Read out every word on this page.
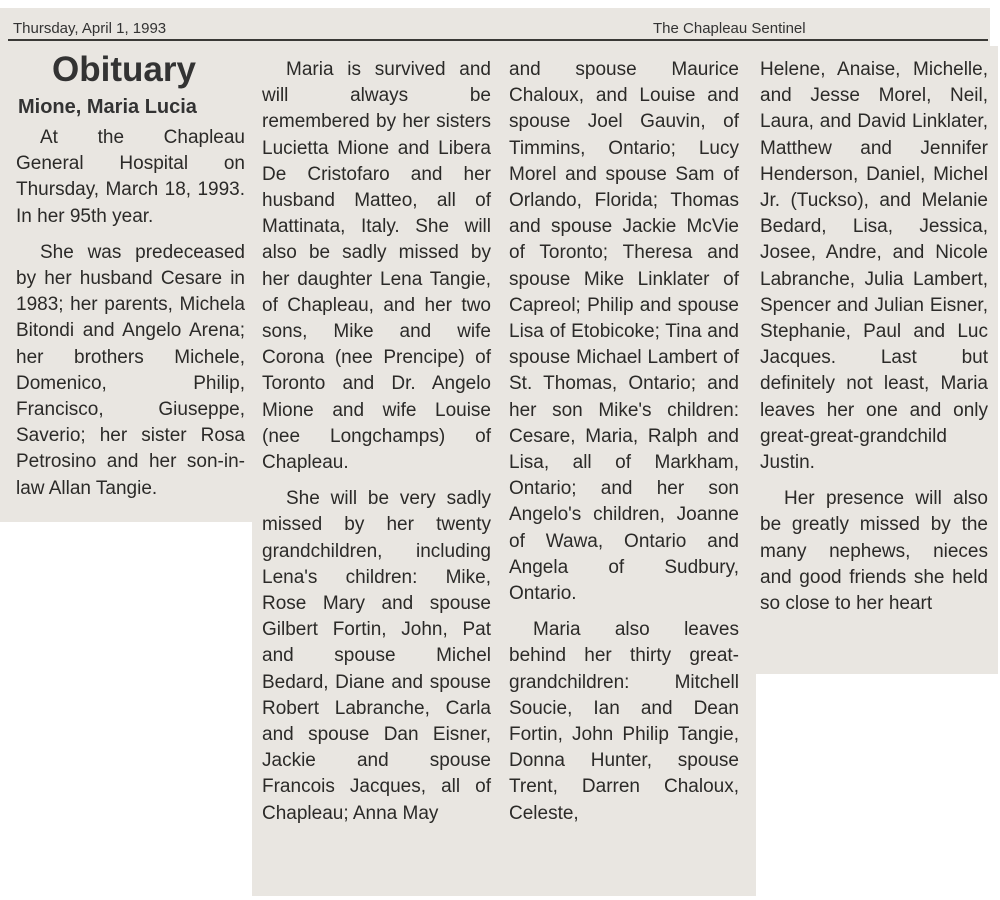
Thursday, April 1, 1993	The Chapleau Sentinel
Obituary
Mione, Maria Lucia

At the Chapleau General Hospital on Thursday, March 18, 1993. In her 95th year.

She was predeceased by her husband Cesare in 1983; her parents, Michela Bitondi and Angelo Arena; her brothers Michele, Domenico, Philip, Francisco, Giuseppe, Saverio; her sister Rosa Petrosino and her son-in-law Allan Tangie.

Maria is survived and will always be remembered by her sisters Lucietta Mione and Libera De Cristofaro and her husband Matteo, all of Mattinata, Italy. She will also be sadly missed by her daughter Lena Tangie, of Chapleau, and her two sons, Mike and wife Corona (nee Prencipe) of Toronto and Dr. Angelo Mione and wife Louise (nee Longchamps) of Chapleau.

She will be very sadly missed by her twenty grandchildren, including Lena's children: Mike, Rose Mary and spouse Gilbert Fortin, John, Pat and spouse Michel Bedard, Diane and spouse Robert Labranche, Carla and spouse Dan Eisner, Jackie and spouse Francois Jacques, all of Chapleau; Anna May

and spouse Maurice Chaloux, and Louise and spouse Joel Gauvin, of Timmins, Ontario; Lucy Morel and spouse Sam of Orlando, Florida; Thomas and spouse Jackie McVie of Toronto; Theresa and spouse Mike Linklater of Capreol; Philip and spouse Lisa of Etobicoke; Tina and spouse Michael Lambert of St. Thomas, Ontario; and her son Mike's children: Cesare, Maria, Ralph and Lisa, all of Markham, Ontario; and her son Angelo's children, Joanne of Wawa, Ontario and Angela of Sudbury, Ontario.

Maria also leaves behind her thirty great-grandchildren: Mitchell Soucie, Ian and Dean Fortin, John Philip Tangie, Donna Hunter, spouse Trent, Darren Chaloux, Celeste,

Helene, Anaise, Michelle, and Jesse Morel, Neil, Laura, and David Linklater, Matthew and Jennifer Henderson, Daniel, Michel Jr. (Tuckso), and Melanie Bedard, Lisa, Jessica, Josee, Andre, and Nicole Labranche, Julia Lambert, Spencer and Julian Eisner, Stephanie, Paul and Luc Jacques. Last but definitely not least, Maria leaves her one and only great-great-grandchild Justin.

Her presence will also be greatly missed by the many nephews, nieces and good friends she held so close to her heart
